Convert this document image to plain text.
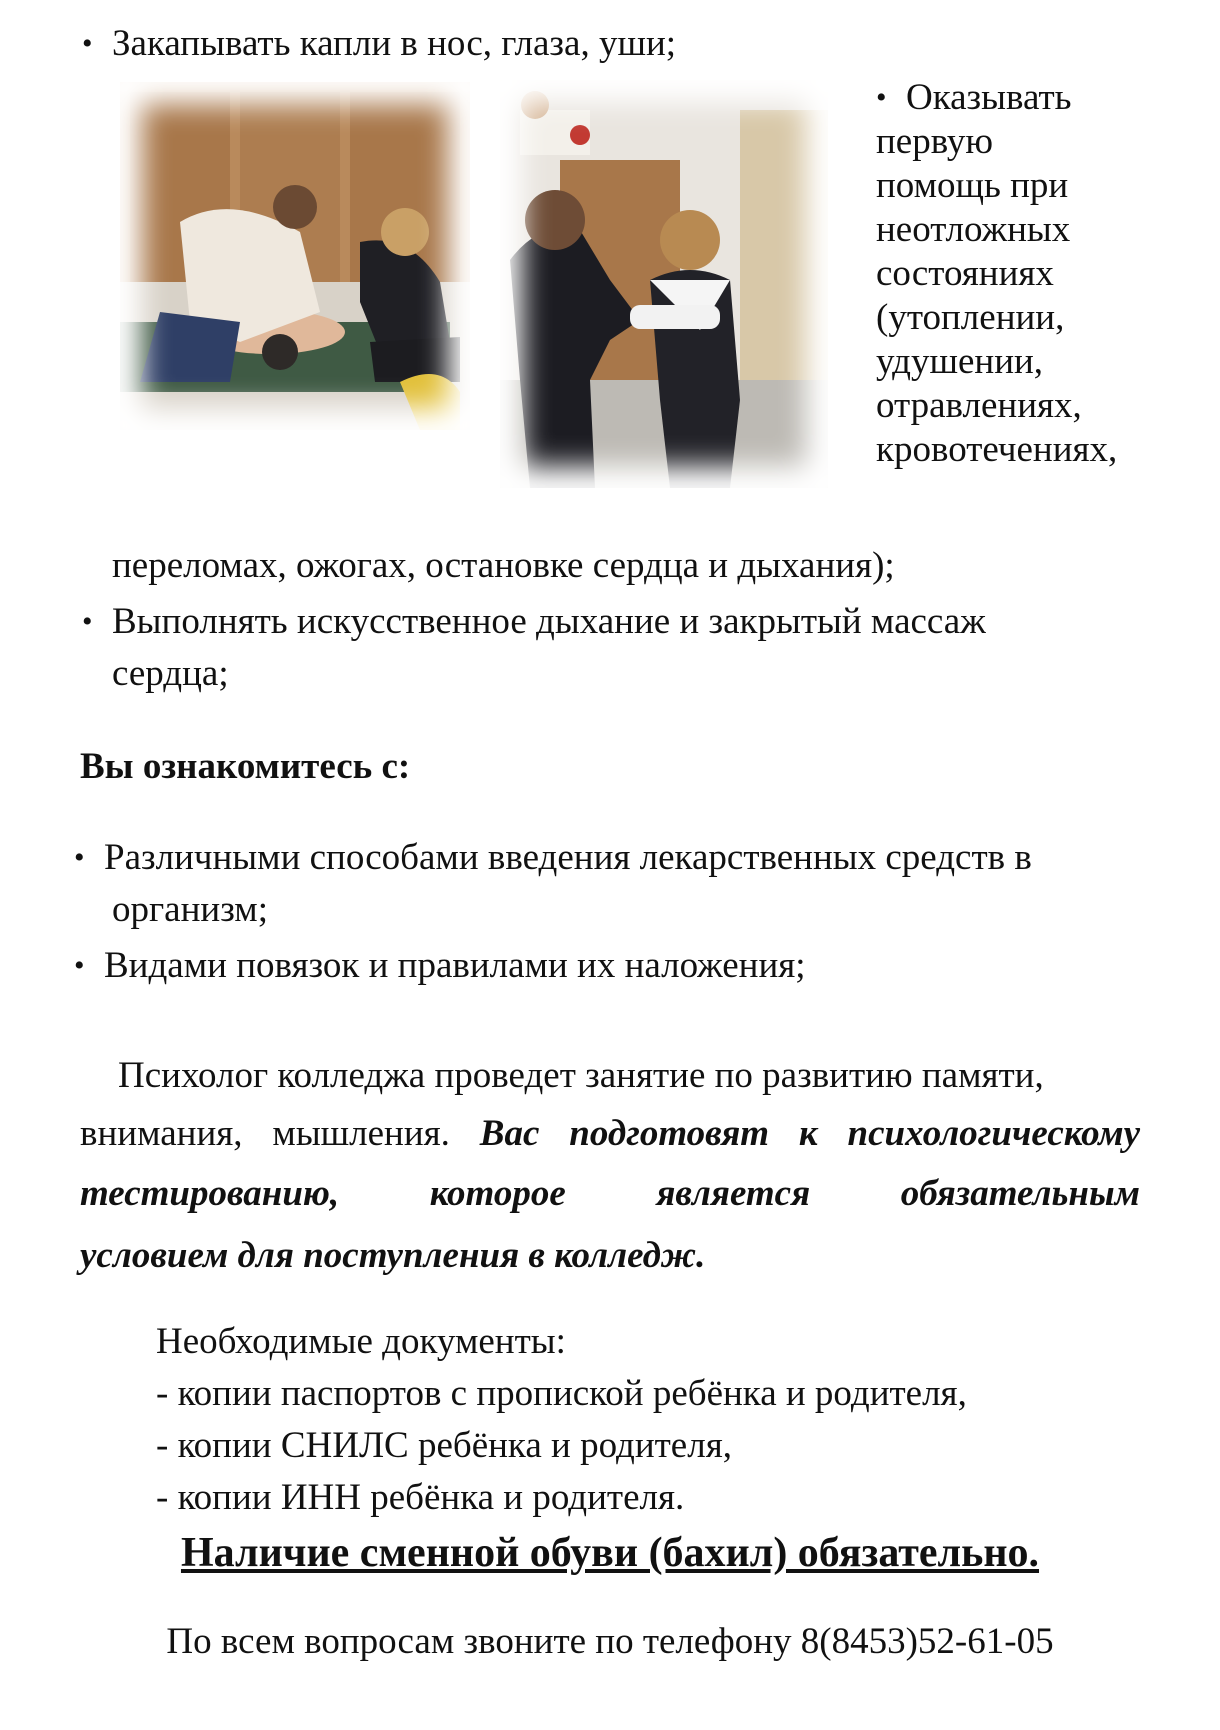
• Закапывать капли в нос, глаза, уши;
• Оказывать
первую
помощь при
неотложных
состояниях
(утоплении,
удушении,
отравлениях,
кровотечениях,
переломах, ожогах, остановке сердца и дыхания);
• Выполнять искусственное дыхание и закрытый массаж
сердца;
Вы ознакомитесь с:
• Различными способами введения лекарственных средств в
организм;
• Видами повязок и правилами их наложения;
Психолог колледжа проведет занятие по развитию памяти,
внимания, мышления. Вас подготовят к психологическому
тестированию, которое является обязательным
условием для поступления в колледж.
Необходимые документы:
- копии паспортов с пропиской ребёнка и родителя,
- копии СНИЛС ребёнка и родителя,
- копии ИНН ребёнка и родителя.
Наличие сменной обуви (бахил) обязательно.
По всем вопросам звоните по телефону 8(8453)52-61-05
